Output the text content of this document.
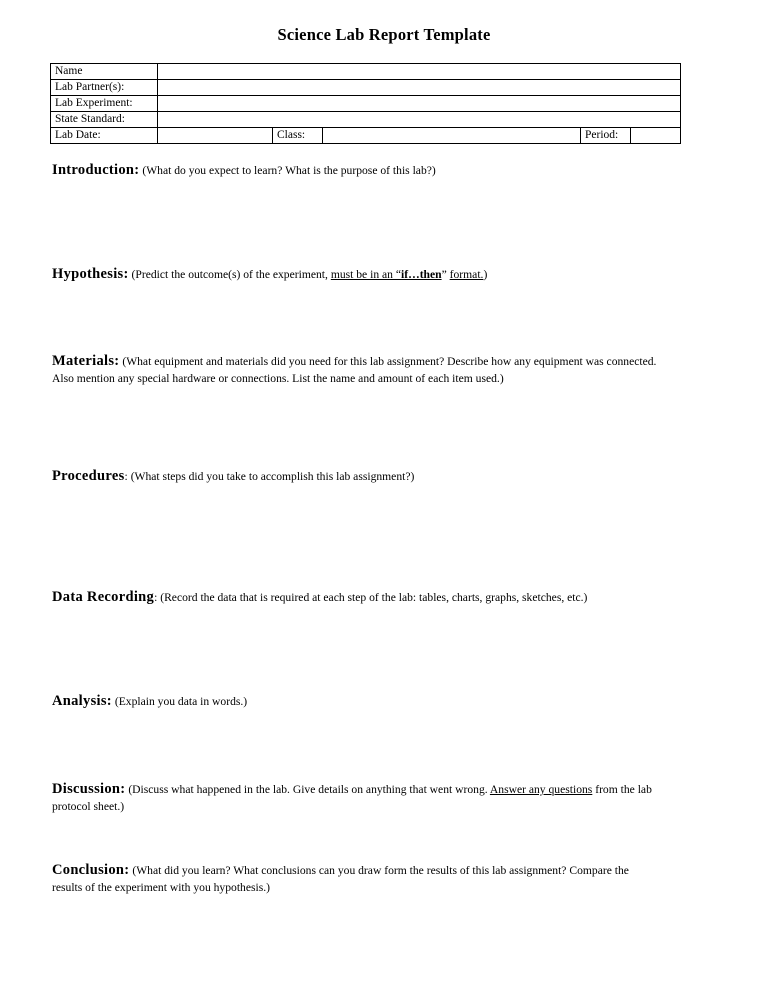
Science Lab Report Template
Name					
Lab Partner(s):					
Lab Experiment:					
State Standard:					
Lab Date:		Class:		Period:	
Introduction: (What do you expect to learn? What is the purpose of this lab?)
Hypothesis: (Predict the outcome(s) of the experiment, must be in an “if…then” format.)
Materials: (What equipment and materials did you need for this lab assignment? Describe how any equipment was connected.
Also mention any special hardware or connections. List the name and amount of each item used.)
Procedures: (What steps did you take to accomplish this lab assignment?)
Data Recording: (Record the data that is required at each step of the lab: tables, charts, graphs, sketches, etc.)
Analysis: (Explain you data in words.)
Discussion: (Discuss what happened in the lab. Give details on anything that went wrong. Answer any questions from the lab
protocol sheet.)
Conclusion: (What did you learn? What conclusions can you draw form the results of this lab assignment? Compare the
results of the experiment with you hypothesis.)
